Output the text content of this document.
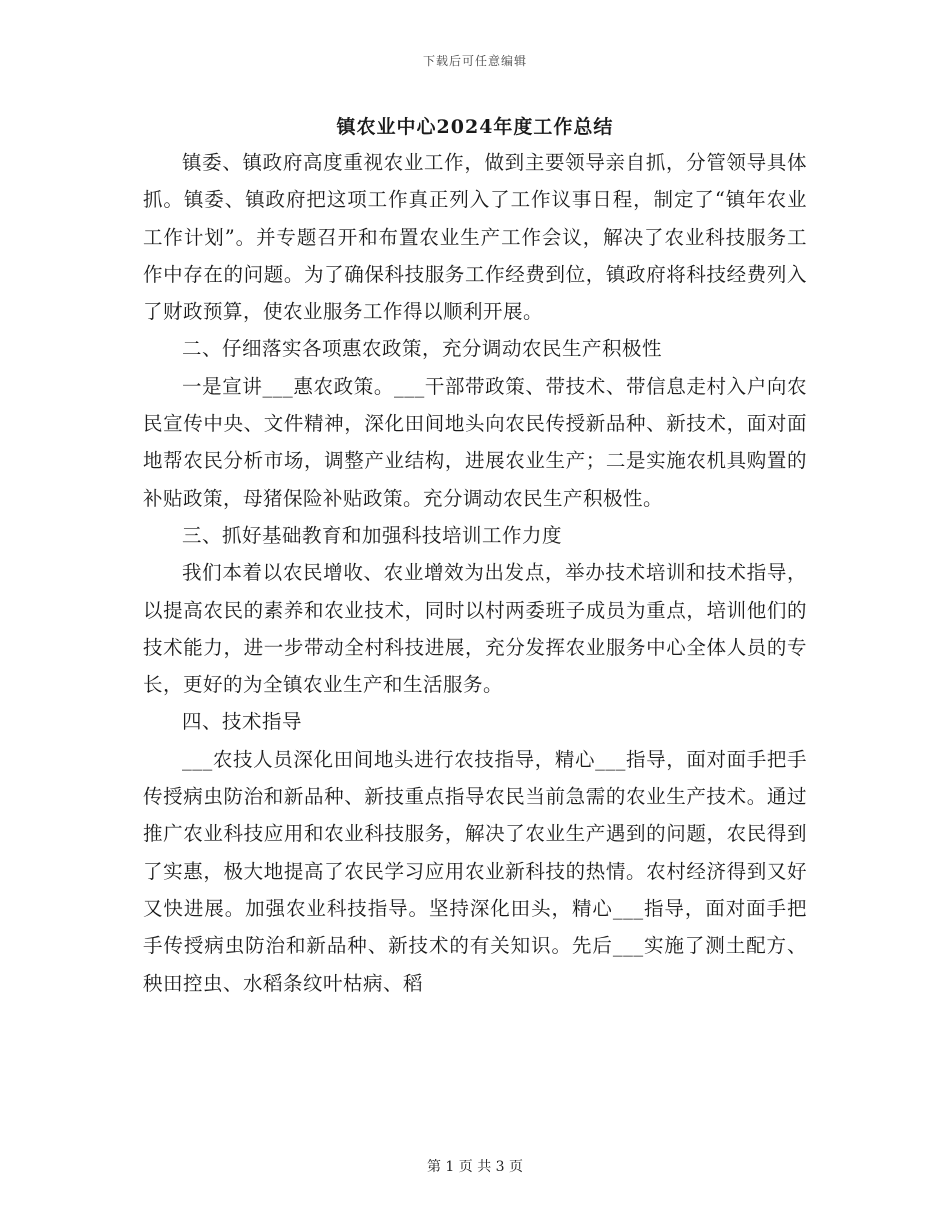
下载后可任意编辑
镇农业中心2024年度工作总结

镇委、镇政府高度重视农业工作，做到主要领导亲自抓，分管领导具体抓。镇委、镇政府把这项工作真正列入了工作议事日程，制定了“镇年农业工作计划”。并专题召开和布置农业生产工作会议，解决了农业科技服务工作中存在的问题。为了确保科技服务工作经费到位，镇政府将科技经费列入了财政预算，使农业服务工作得以顺利开展。

二、仔细落实各项惠农政策，充分调动农民生产积极性

一是宣讲___惠农政策。___干部带政策、带技术、带信息走村入户向农民宣传中央、文件精神，深化田间地头向农民传授新品种、新技术，面对面地帮农民分析市场，调整产业结构，进展农业生产；二是实施农机具购置的补贴政策，母猪保险补贴政策。充分调动农民生产积极性。

三、抓好基础教育和加强科技培训工作力度

我们本着以农民增收、农业增效为出发点，举办技术培训和技术指导，以提高农民的素养和农业技术，同时以村两委班子成员为重点，培训他们的技术能力，进一步带动全村科技进展，充分发挥农业服务中心全体人员的专长，更好的为全镇农业生产和生活服务。

四、技术指导

___农技人员深化田间地头进行农技指导，精心___指导，面对面手把手传授病虫防治和新品种、新技重点指导农民当前急需的农业生产技术。通过推广农业科技应用和农业科技服务，解决了农业生产遇到的问题，农民得到了实惠，极大地提高了农民学习应用农业新科技的热情。农村经济得到又好又快进展。加强农业科技指导。坚持深化田头，精心___指导，面对面手把手传授病虫防治和新品种、新技术的有关知识。先后___实施了测土配方、秧田控虫、水稻条纹叶枯病、稻

第 1 页 共 3 页
